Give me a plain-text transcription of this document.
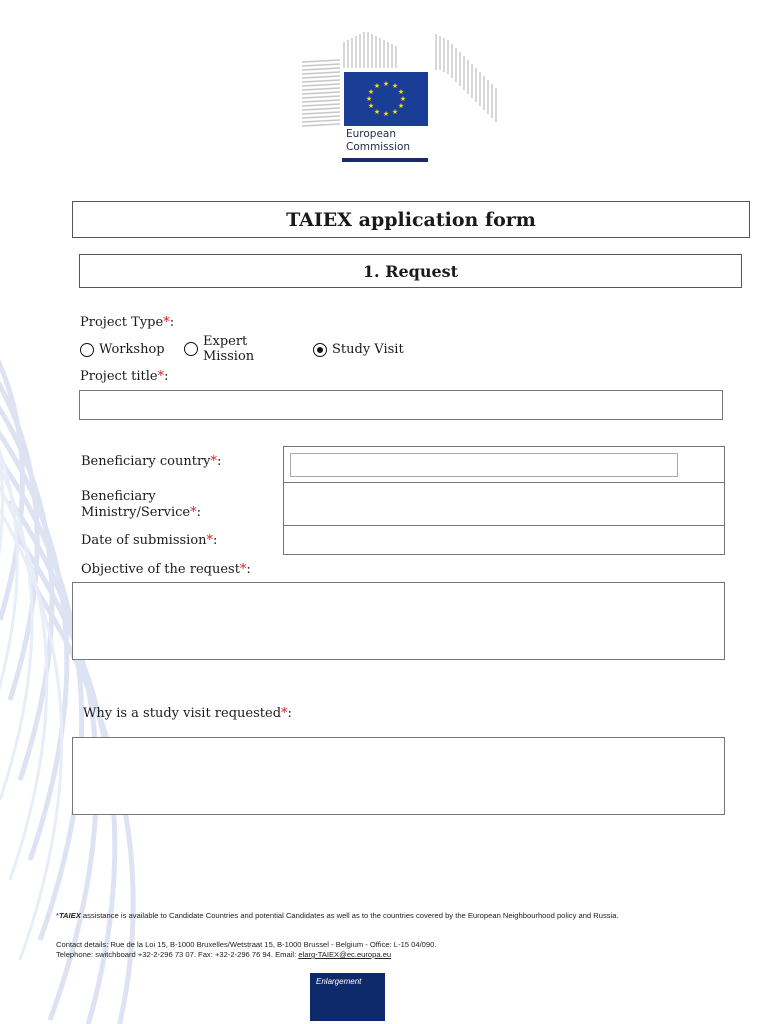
★ ★
★
★
★
★
★
★
★
★
★
★
European
Commission
TAIEX application form
1. Request
Project Type*:
Workshop
Expert
Mission	Study Visit
Project title*:
Beneficiary country*:
Beneficiary
Ministry/Service*:
Date of submission*:
Objective of the request*:
Why is a study visit requested*:
*TAIEX assistance is available to Candidate Countries and potential Candidates as well as to the countries covered by the European Neighbourhood policy and Russia.
Contact details: Rue de la Loi 15, B-1000 Bruxelles/Wetstraat 15, B-1000 Brussel - Belgium - Office: L-15 04/090.
Telephone: switchboard +32-2-296 73 07. Fax: +32-2-296 76 94. Email: elarg-TAIEX@ec.europa.eu
Enlargement
